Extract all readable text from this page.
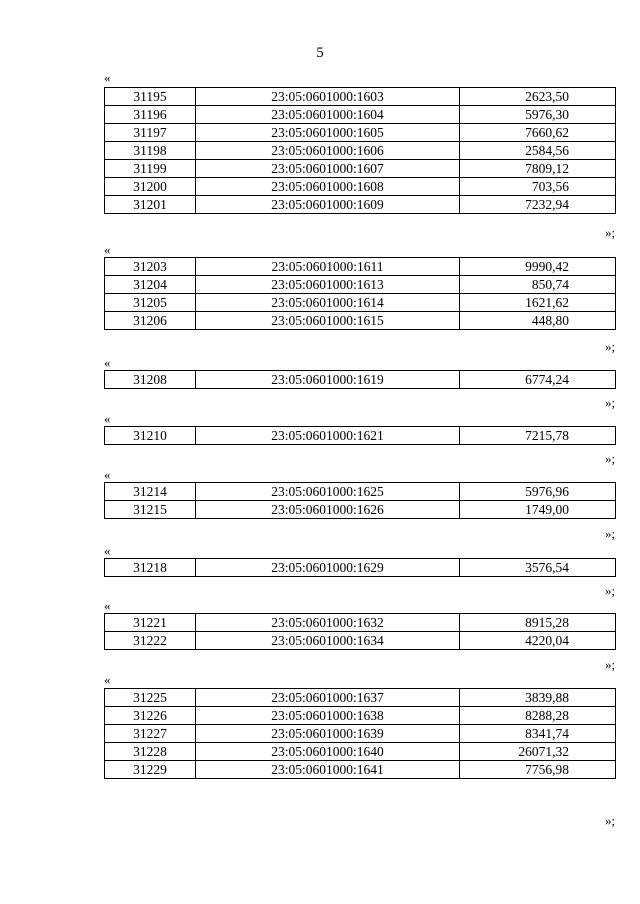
5
«
31195	23:05:0601000:1603	2623,50
31196	23:05:0601000:1604	5976,30
31197	23:05:0601000:1605	7660,62
31198	23:05:0601000:1606	2584,56
31199	23:05:0601000:1607	7809,12
31200	23:05:0601000:1608	703,56
31201	23:05:0601000:1609	7232,94
»;
«
31203	23:05:0601000:1611	9990,42
31204	23:05:0601000:1613	850,74
31205	23:05:0601000:1614	1621,62
31206	23:05:0601000:1615	448,80
»;
«
31208	23:05:0601000:1619	6774,24
»;
«
31210	23:05:0601000:1621	7215,78
»;
«
31214	23:05:0601000:1625	5976,96
31215	23:05:0601000:1626	1749,00
»;
«
31218	23:05:0601000:1629	3576,54
»;
«
31221	23:05:0601000:1632	8915,28
31222	23:05:0601000:1634	4220,04
»;
«
31225	23:05:0601000:1637	3839,88
31226	23:05:0601000:1638	8288,28
31227	23:05:0601000:1639	8341,74
31228	23:05:0601000:1640	26071,32
31229	23:05:0601000:1641	7756,98
»;
